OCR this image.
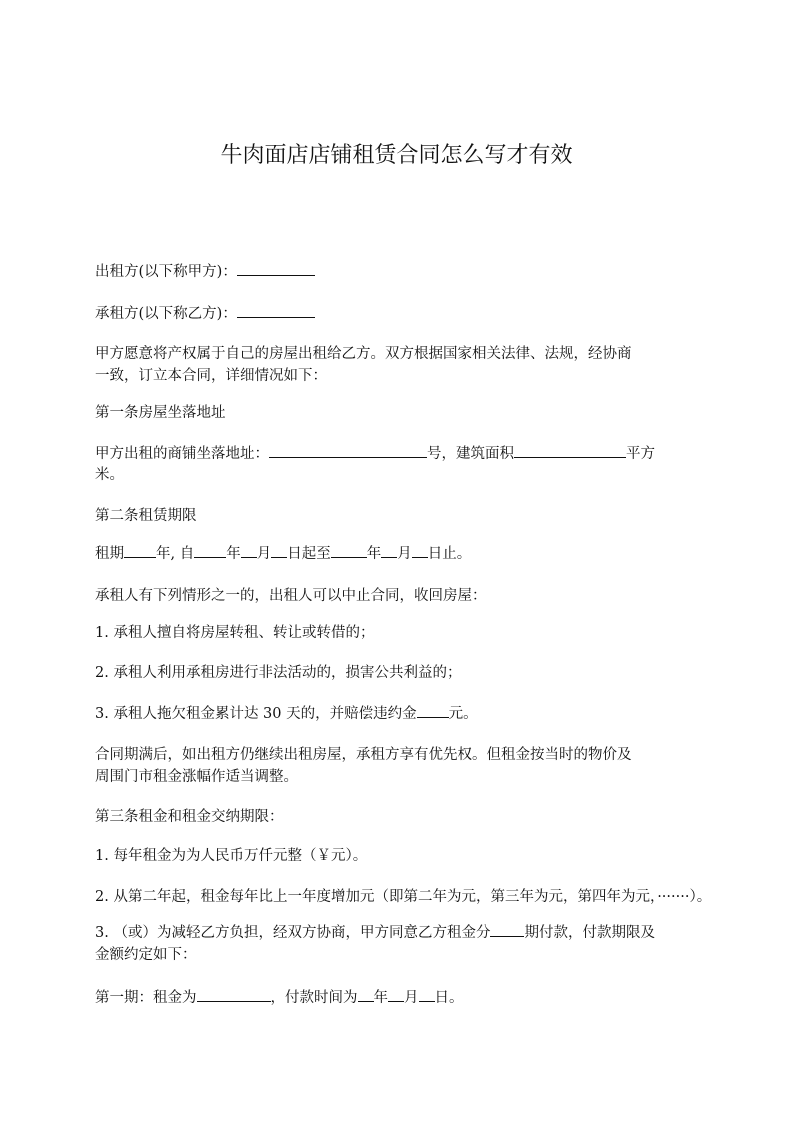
牛肉面店店铺租赁合同怎么写才有效
出租方(以下称甲方)：
承租方(以下称乙方)：
甲方愿意将产权属于自己的房屋出租给乙方。双方根据国家相关法律、法规，经协商
一致，订立本合同，详细情况如下：
第一条房屋坐落地址
甲方出租的商铺坐落地址：	号，建筑面积	平方
米。
第二条租赁期限
租期 年, 自 年 月 日起至 年 月 日止。
承租人有下列情形之一的，出租人可以中止合同，收回房屋：
1. 承租人擅自将房屋转租、转让或转借的；
2. 承租人利用承租房进行非法活动的，损害公共利益的；
3. 承租人拖欠租金累计达 30 天的，并赔偿违约金 元。
合同期满后，如出租方仍继续出租房屋，承租方享有优先权。但租金按当时的物价及
周围门市租金涨幅作适当调整。
第三条租金和租金交纳期限：
1. 每年租金为为人民币万仟元整（￥元）。
2. 从第二年起，租金每年比上一年度增加元（即第二年为元，第三年为元，第四年为元，·······）。
3. （或）为减轻乙方负担，经双方协商，甲方同意乙方租金分 期付款，付款期限及
金额约定如下：
第一期：租金为	，付款时间为 年 月 日。
